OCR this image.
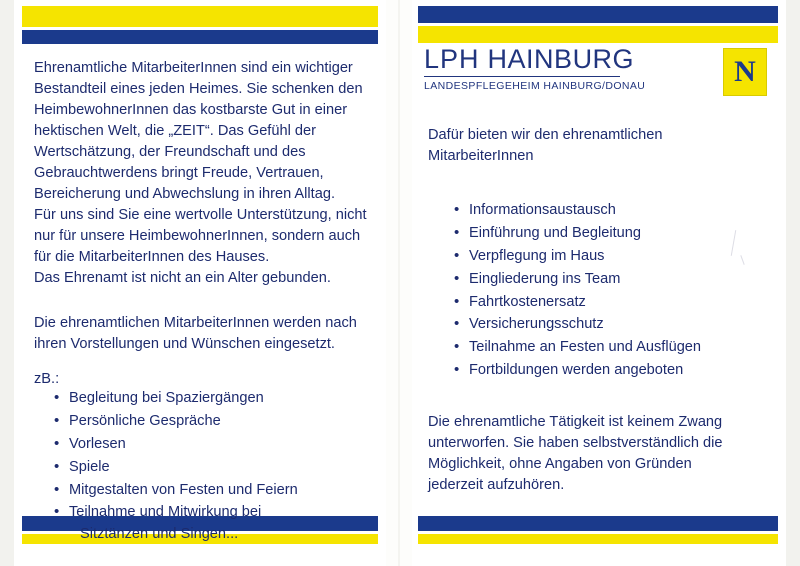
Ehrenamtliche MitarbeiterInnen sind ein wichtiger Bestandteil eines jeden Heimes. Sie schenken den HeimbewohnerInnen das kostbarste Gut in einer hektischen Welt, die „ZEIT“. Das Gefühl der Wertschätzung, der Freundschaft und des Gebrauchtwerdens bringt Freude, Vertrauen, Bereicherung und Abwechslung in ihren Alltag.

Für uns sind Sie eine wertvolle Unterstützung, nicht nur für unsere HeimbewohnerInnen, sondern auch für die MitarbeiterInnen des Hauses.

Das Ehrenamt ist nicht an ein Alter gebunden.

Die ehrenamtlichen MitarbeiterInnen werden nach ihren Vorstellungen und Wünschen eingesetzt.

zB.:

• Begleitung bei Spaziergängen
• Persönliche Gespräche
• Vorlesen
• Spiele
• Mitgestalten von Festen und Feiern
• Teilnahme und Mitwirkung bei
Sitztänzen und Singen...
LPH HAINBURG
LANDESPFLEGEHEIM HAINBURG/DONAU	N

Dafür bieten wir den ehrenamtlichen MitarbeiterInnen

• Informationsaustausch
• Einführung und Begleitung
• Verpflegung im Haus
• Eingliederung ins Team
• Fahrtkostenersatz
• Versicherungsschutz
• Teilnahme an Festen und Ausflügen
• Fortbildungen werden angeboten

Die ehrenamtliche Tätigkeit ist keinem Zwang unterworfen. Sie haben selbstverständlich die Möglichkeit, ohne Angaben von Gründen jederzeit aufzuhören.
